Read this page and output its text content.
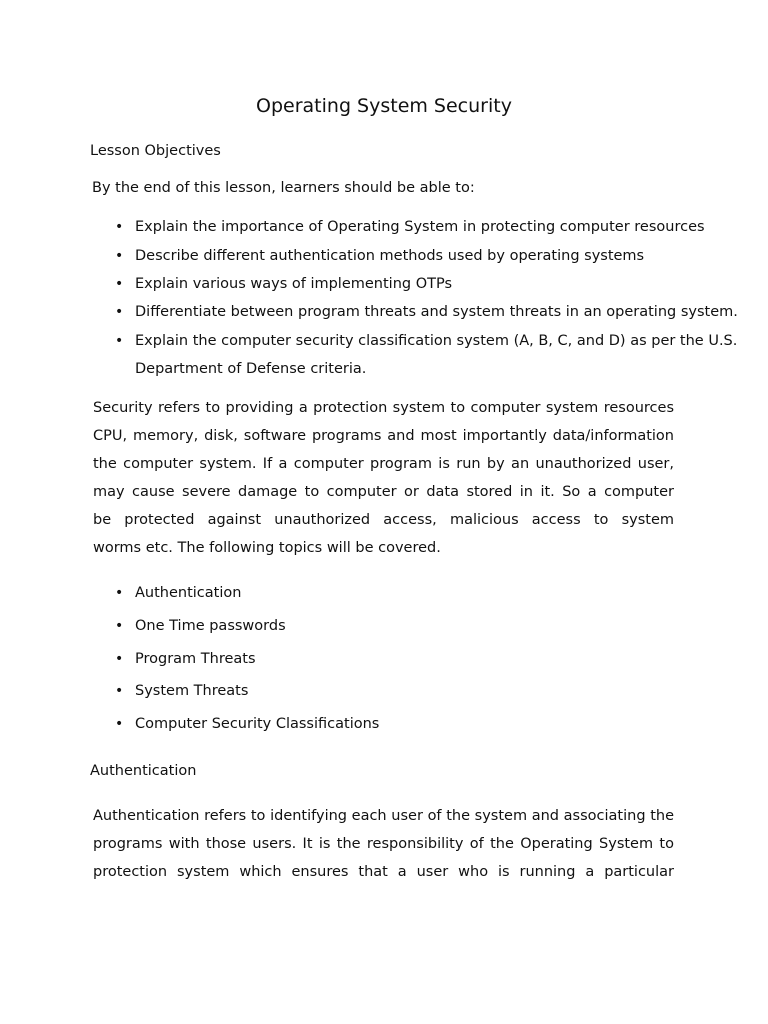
Operating System Security
Lesson Objectives
By the end of this lesson, learners should be able to:
• Explain the importance of Operating System in protecting computer resources
• Describe different authentication methods used by operating systems
• Explain various ways of implementing OTPs
• Differentiate between program threats and system threats in an operating system.
• Explain the computer security classification system (A, B, C, and D) as per the U.S.
Department of Defense criteria.
Security refers to providing a protection system to computer system resources
CPU, memory, disk, software programs and most importantly data/information
the computer system. If a computer program is run by an unauthorized user,
may cause severe damage to computer or data stored in it. So a computer
be protected against unauthorized access, malicious access to system
worms etc. The following topics will be covered.
• Authentication
• One Time passwords
• Program Threats
• System Threats
• Computer Security Classifications
Authentication
Authentication refers to identifying each user of the system and associating the
programs with those users. It is the responsibility of the Operating System to
protection system which ensures that a user who is running a particular
